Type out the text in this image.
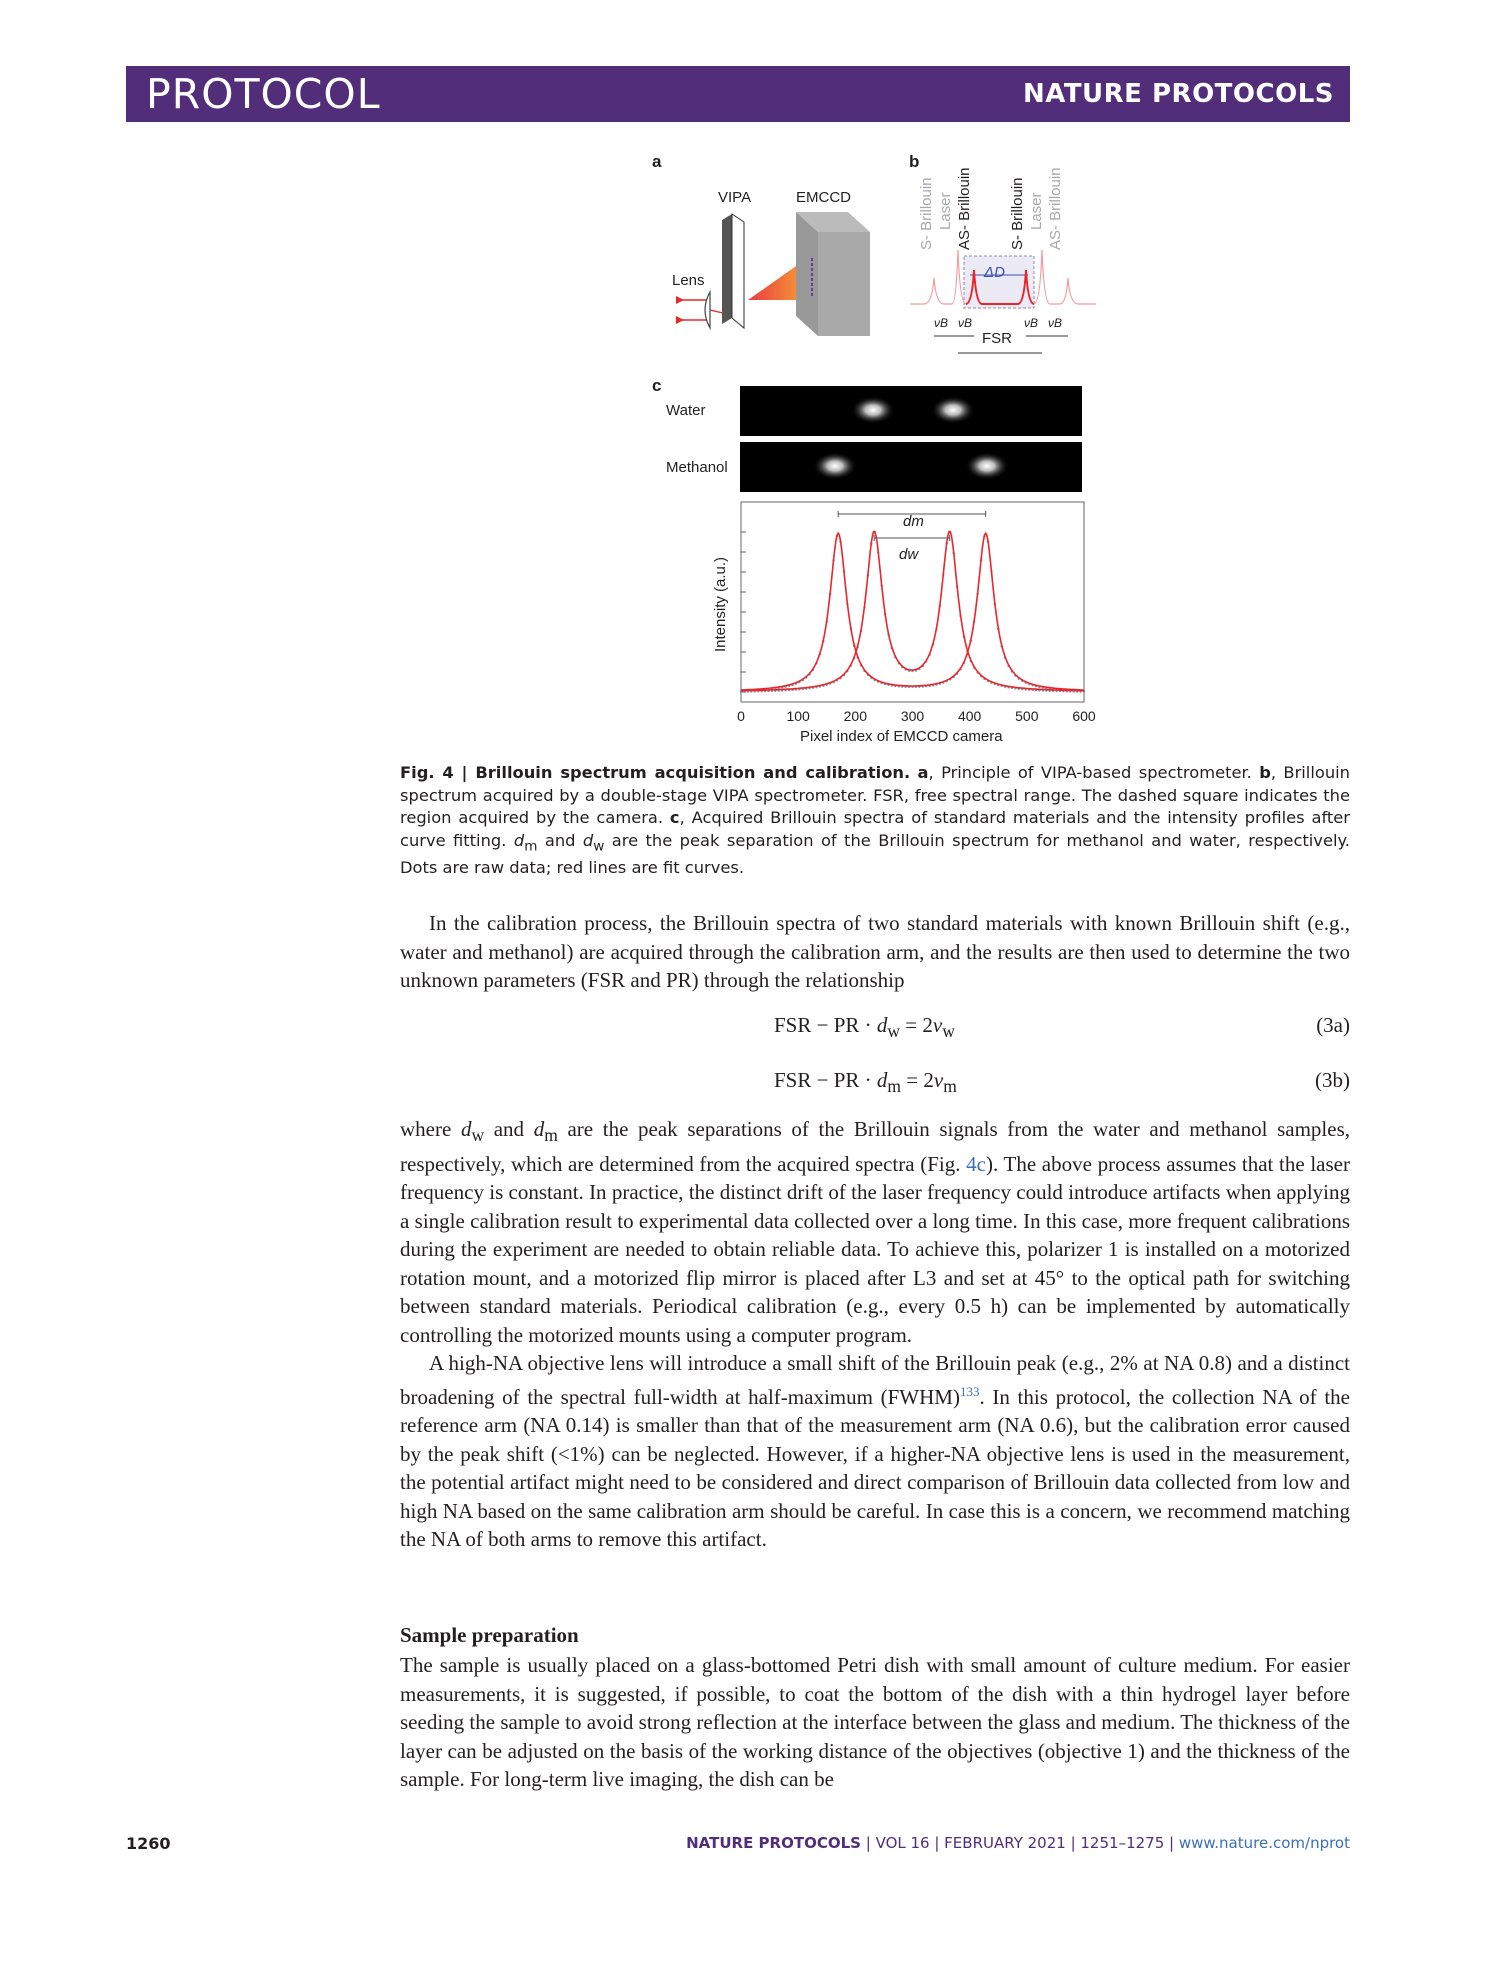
PROTOCOL	NATURE PROTOCOLS
a
VIPA	EMCCD
Lens
b
S- Brillouin Laser AS- Brillouin S- Brillouin Laser AS- Brillouin
ΔD
νB νB	νB νB
FSR
c
Water
Methanol
0	100 200 300 400 500 600
Intensity (a.u.)
Pixel index of EMCCD camera
dm
dw
Fig. 4 | Brillouin spectrum acquisition and calibration. a, Principle of VIPA-based spectrometer. b, Brillouin spectrum acquired by a double-stage VIPA spectrometer. FSR, free spectral range. The dashed square indicates the region acquired by the camera. c, Acquired Brillouin spectra of standard materials and the intensity profiles after curve fitting. $d_m$ and $d_w$ are the peak separation of the Brillouin spectrum for methanol and water, respectively. Dots are raw data; red lines are fit curves.

In the calibration process, the Brillouin spectra of two standard materials with known Brillouin shift (e.g., water and methanol) are acquired through the calibration arm, and the results are then used to determine the two unknown parameters (FSR and PR) through the relationship

FSR − PR · $d_w = 2\nu_w$	(3a)
FSR − PR · $d_m = 2\nu_m$	(3b)

where $d_w$ and $d_m$ are the peak separations of the Brillouin signals from the water and methanol samples, respectively, which are determined from the acquired spectra (Fig. 4c). The above process assumes that the laser frequency is constant. In practice, the distinct drift of the laser frequency could introduce artifacts when applying a single calibration result to experimental data collected over a long time. In this case, more frequent calibrations during the experiment are needed to obtain reliable data. To achieve this, polarizer 1 is installed on a motorized rotation mount, and a motorized flip mirror is placed after L3 and set at 45° to the optical path for switching between standard materials. Periodical calibration (e.g., every 0.5 h) can be implemented by automatically controlling the motorized mounts using a computer program.

A high-NA objective lens will introduce a small shift of the Brillouin peak (e.g., 2% at NA 0.8) and a distinct broadening of the spectral full-width at half-maximum (FWHM)$^{133}$. In this protocol, the collection NA of the reference arm (NA 0.14) is smaller than that of the measurement arm (NA 0.6), but the calibration error caused by the peak shift (<1%) can be neglected. However, if a higher-NA objective lens is used in the measurement, the potential artifact might need to be considered and direct comparison of Brillouin data collected from low and high NA based on the same calibration arm should be careful. In case this is a concern, we recommend matching the NA of both arms to remove this artifact.

Sample preparation

The sample is usually placed on a glass-bottomed Petri dish with small amount of culture medium. For easier measurements, it is suggested, if possible, to coat the bottom of the dish with a thin hydrogel layer before seeding the sample to avoid strong reflection at the interface between the glass and medium. The thickness of the layer can be adjusted on the basis of the working distance of the objectives (objective 1) and the thickness of the sample. For long-term live imaging, the dish can be

1260	NATURE PROTOCOLS | VOL 16 | FEBRUARY 2021 | 1251–1275 | www.nature.com/nprot
